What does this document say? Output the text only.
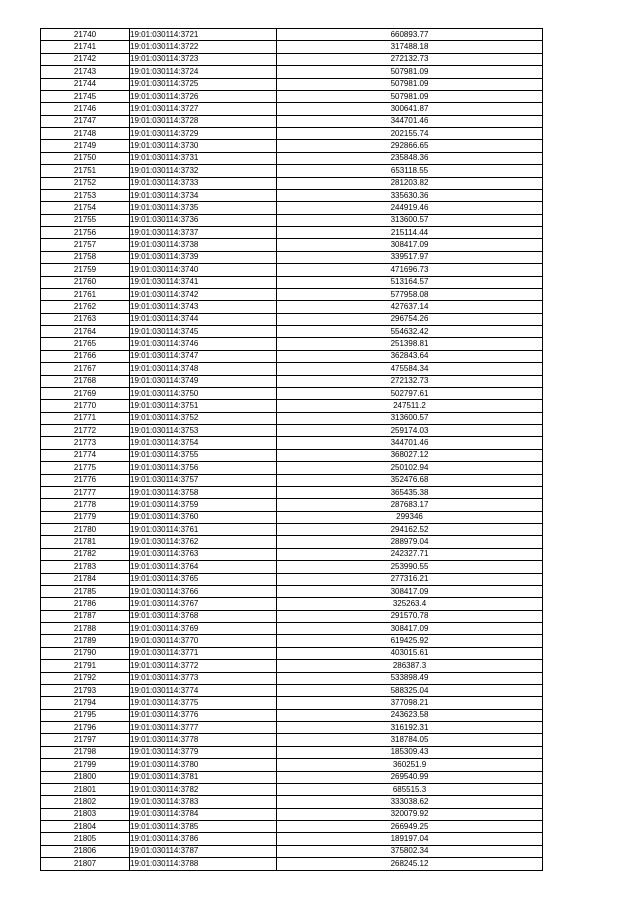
21740	19:01:030114:3721	660893.77
21741	19:01:030114:3722	317488.18
21742	19:01:030114:3723	272132.73
21743	19:01:030114:3724	507981.09
21744	19:01:030114:3725	507981.09
21745	19:01:030114:3726	507981.09
21746	19:01:030114:3727	300641.87
21747	19:01:030114:3728	344701.46
21748	19:01:030114:3729	202155.74
21749	19:01:030114:3730	292866.65
21750	19:01:030114:3731	235848.36
21751	19:01:030114:3732	653118.55
21752	19:01:030114:3733	281203.82
21753	19:01:030114:3734	335630.36
21754	19:01:030114:3735	244919.46
21755	19:01:030114:3736	313600.57
21756	19:01:030114:3737	215114.44
21757	19:01:030114:3738	308417.09
21758	19:01:030114:3739	339517.97
21759	19:01:030114:3740	471696.73
21760	19:01:030114:3741	513164.57
21761	19:01:030114:3742	577958.08
21762	19:01:030114:3743	427637.14
21763	19:01:030114:3744	296754.26
21764	19:01:030114:3745	554632.42
21765	19:01:030114:3746	251398.81
21766	19:01:030114:3747	362843.64
21767	19:01:030114:3748	475584.34
21768	19:01:030114:3749	272132.73
21769	19:01:030114:3750	502797.61
21770	19:01:030114:3751	247511.2
21771	19:01:030114:3752	313600.57
21772	19:01:030114:3753	259174.03
21773	19:01:030114:3754	344701.46
21774	19:01:030114:3755	368027.12
21775	19:01:030114:3756	250102.94
21776	19:01:030114:3757	352476.68
21777	19:01:030114:3758	365435.38
21778	19:01:030114:3759	287683.17
21779	19:01:030114:3760	299346
21780	19:01:030114:3761	294162.52
21781	19:01:030114:3762	288979.04
21782	19:01:030114:3763	242327.71
21783	19:01:030114:3764	253990.55
21784	19:01:030114:3765	277316.21
21785	19:01:030114:3766	308417.09
21786	19:01:030114:3767	325263.4
21787	19:01:030114:3768	291570.78
21788	19:01:030114:3769	308417.09
21789	19:01:030114:3770	619425.92
21790	19:01:030114:3771	403015.61
21791	19:01:030114:3772	286387.3
21792	19:01:030114:3773	533898.49
21793	19:01:030114:3774	588325.04
21794	19:01:030114:3775	377098.21
21795	19:01:030114:3776	243623.58
21796	19:01:030114:3777	316192.31
21797	19:01:030114:3778	318784.05
21798	19:01:030114:3779	185309.43
21799	19:01:030114:3780	360251.9
21800	19:01:030114:3781	269540.99
21801	19:01:030114:3782	685515.3
21802	19:01:030114:3783	333038.62
21803	19:01:030114:3784	320079.92
21804	19:01:030114:3785	266949.25
21805	19:01:030114:3786	189197.04
21806	19:01:030114:3787	375802.34
21807	19:01:030114:3788	268245.12
